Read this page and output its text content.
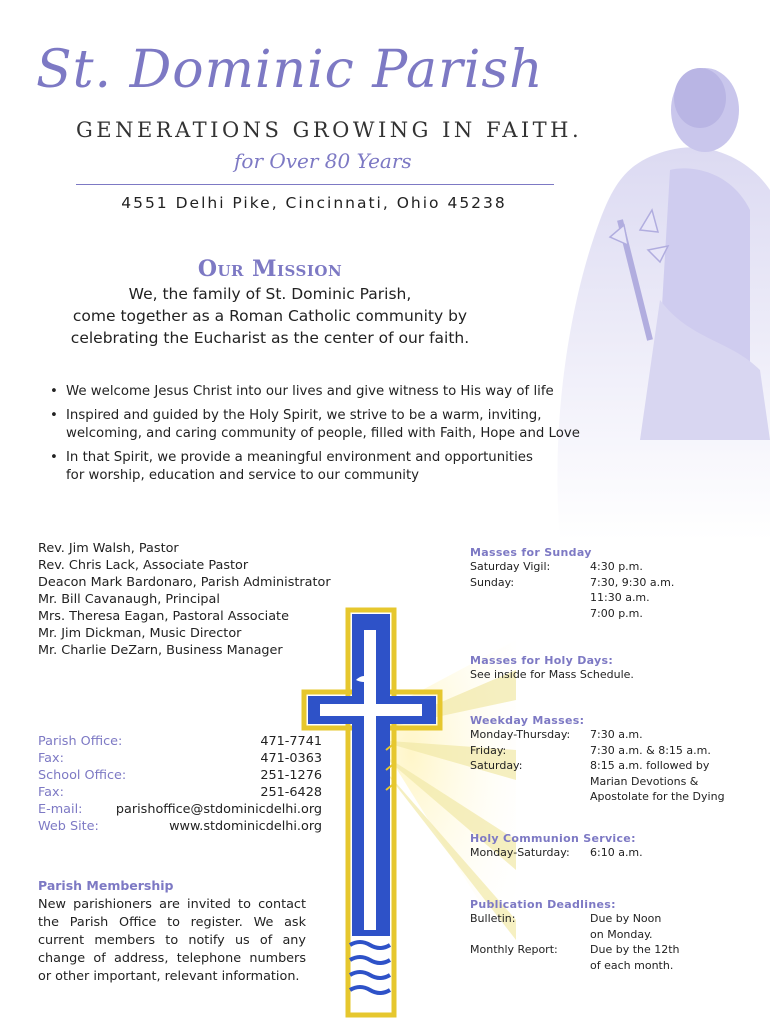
St. Dominic Parish
GENERATIONS GROWING IN FAITH.
for Over 80 Years
4551 Delhi Pike, Cincinnati, Ohio 45238
Our Mission
We, the family of St. Dominic Parish,
come together as a Roman Catholic community by
celebrating the Eucharist as the center of our faith.
• We welcome Jesus Christ into our lives and give witness to His way of life
• Inspired and guided by the Holy Spirit, we strive to be a warm, inviting,
welcoming, and caring community of people, filled with Faith, Hope and Love
• In that Spirit, we provide a meaningful environment and opportunities
for worship, education and service to our community
Rev. Jim Walsh, Pastor
Rev. Chris Lack, Associate Pastor
Deacon Mark Bardonaro, Parish Administrator
Mr. Bill Cavanaugh, Principal
Mrs. Theresa Eagan, Pastoral Associate
Mr. Jim Dickman, Music Director
Mr. Charlie DeZarn, Business Manager
Parish Office:	471-7741
Fax:	471-0363
School Office:	251-1276
Fax:	251-6428
E-mail:	parishoffice@stdominicdelhi.org
Web Site:	www.stdominicdelhi.org
Parish Membership
New parishioners are invited to contact the Parish Office to register. We ask current members to notify us of any change of address, telephone numbers or other important, relevant information.
Masses for Sunday
Saturday Vigil:	4:30 p.m.
Sunday:	7:30, 9:30 a.m.
11:30 a.m.
7:00 p.m.
Masses for Holy Days:
See inside for Mass Schedule.
Weekday Masses:
Monday-Thursday:	7:30 a.m.
Friday:	7:30 a.m. & 8:15 a.m.
Saturday:	8:15 a.m. followed by
Marian Devotions &
Apostolate for the Dying
Holy Communion Service:
Monday-Saturday:	6:10 a.m.
Publication Deadlines:
Bulletin:	Due by Noon
on Monday.
Monthly Report:	Due by the 12th
of each month.
